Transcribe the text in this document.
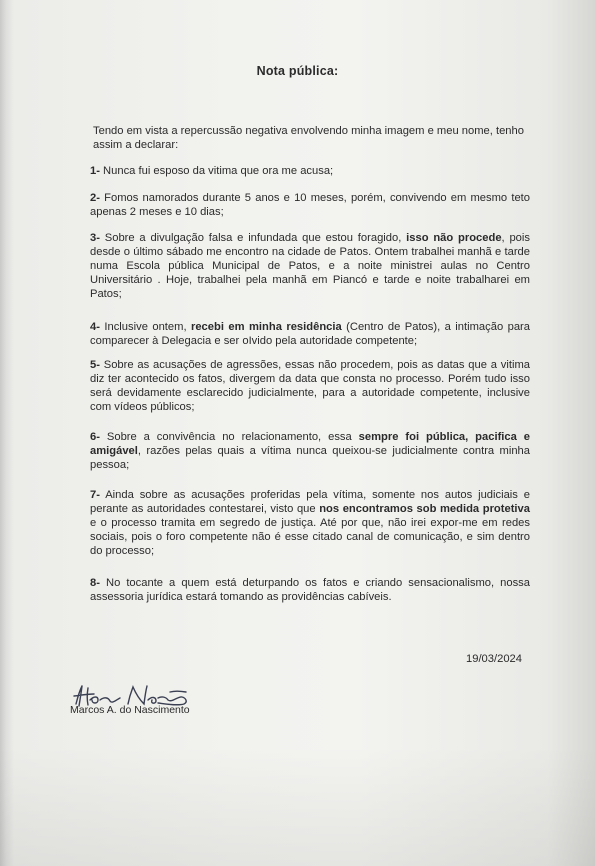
Nota pública:
Tendo em vista a repercussão negativa envolvendo minha imagem e meu nome, tenho assim a declarar:
1- Nunca fui esposo da vitima que ora me acusa;
2- Fomos namorados durante 5 anos e 10 meses, porém, convivendo em mesmo teto apenas 2 meses e 10 dias;
3- Sobre a divulgação falsa e infundada que estou foragido, isso não procede, pois desde o último sábado me encontro na cidade de Patos. Ontem trabalhei manhã e tarde numa Escola pública Municipal de Patos, e a noite ministrei aulas no Centro Universitário . Hoje, trabalhei pela manhã em Piancó e tarde e noite trabalharei em Patos;
4- Inclusive ontem, recebi em minha residência (Centro de Patos), a intimação para comparecer à Delegacia e ser oIvido pela autoridade competente;
5- Sobre as acusações de agressões, essas não procedem, pois as datas que a vitima diz ter acontecido os fatos, divergem da data que consta no processo. Porém tudo isso será devidamente esclarecido judicialmente, para a autoridade competente, inclusive com vídeos públicos;
6- Sobre a convivência no relacionamento, essa sempre foi pública, pacifica e amigável, razões pelas quais a vítima nunca queixou-se judicialmente contra minha pessoa;
7- Ainda sobre as acusações proferidas pela vítima, somente nos autos judiciais e perante as autoridades contestarei, visto que nos encontramos sob medida protetiva e o processo tramita em segredo de justiça. Até por que, não irei expor-me em redes sociais, pois o foro competente não é esse citado canal de comunicação, e sim dentro do processo;
8- No tocante a quem está deturpando os fatos e criando sensacionalismo, nossa assessoria jurídica estará tomando as providências cabíveis.
19/03/2024
Marcos A. do Nascimento
